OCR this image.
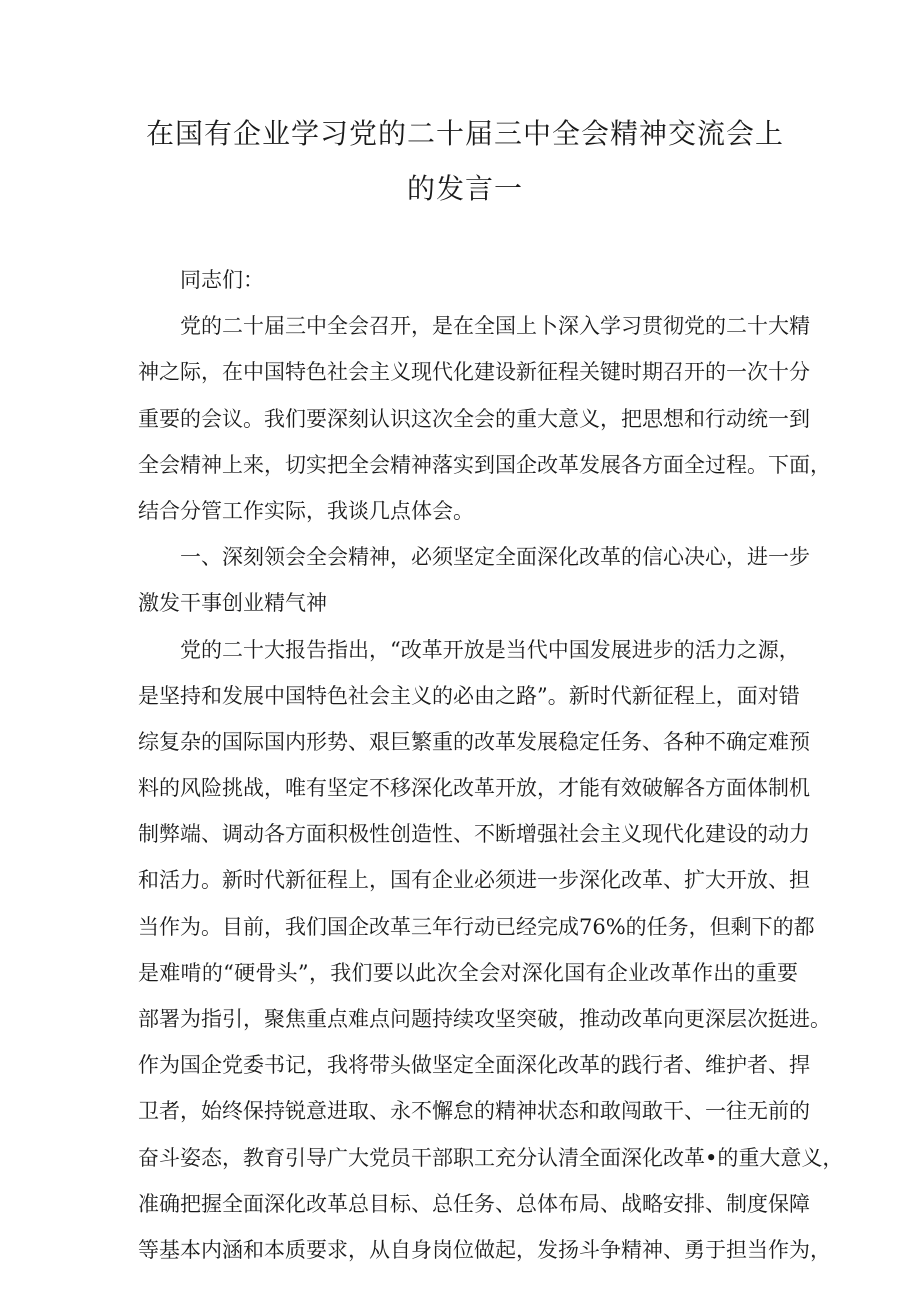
在国有企业学习党的二十届三中全会精神交流会上
的发言一
同志们：
党的二十届三中全会召开，是在全国上卜深入学习贯彻党的二十大精
神之际，在中国特色社会主义现代化建设新征程关键时期召开的一次十分
重要的会议。我们要深刻认识这次全会的重大意义，把思想和行动统一到
全会精神上来，切实把全会精神落实到国企改革发展各方面全过程。下面，
结合分管工作实际，我谈几点体会。
一、深刻领会全会精神，必须坚定全面深化改革的信心决心，进一步
激发干事创业精气神
党的二十大报告指出，“改革开放是当代中国发展进步的活力之源，
是坚持和发展中国特色社会主义的必由之路”。新时代新征程上，面对错
综复杂的国际国内形势、艰巨繁重的改革发展稳定任务、各种不确定难预
料的风险挑战，唯有坚定不移深化改革开放，才能有效破解各方面体制机
制弊端、调动各方面积极性创造性、不断增强社会主义现代化建设的动力
和活力。新时代新征程上，国有企业必须进一步深化改革、扩大开放、担
当作为。目前，我们国企改革三年行动已经完成76%的任务，但剩下的都
是难啃的“硬骨头”，我们要以此次全会对深化国有企业改革作出的重要
部署为指引，聚焦重点难点问题持续攻坚突破，推动改革向更深层次挺进。
作为国企党委书记，我将带头做坚定全面深化改革的践行者、维护者、捍
卫者，始终保持锐意进取、永不懈怠的精神状态和敢闯敢干、一往无前的
奋斗姿态，教育引导广大党员干部职工充分认清全面深化改革•的重大意义，
准确把握全面深化改革总目标、总任务、总体布局、战略安排、制度保障
等基本内涵和本质要求，从自身岗位做起，发扬斗争精神、勇于担当作为，
